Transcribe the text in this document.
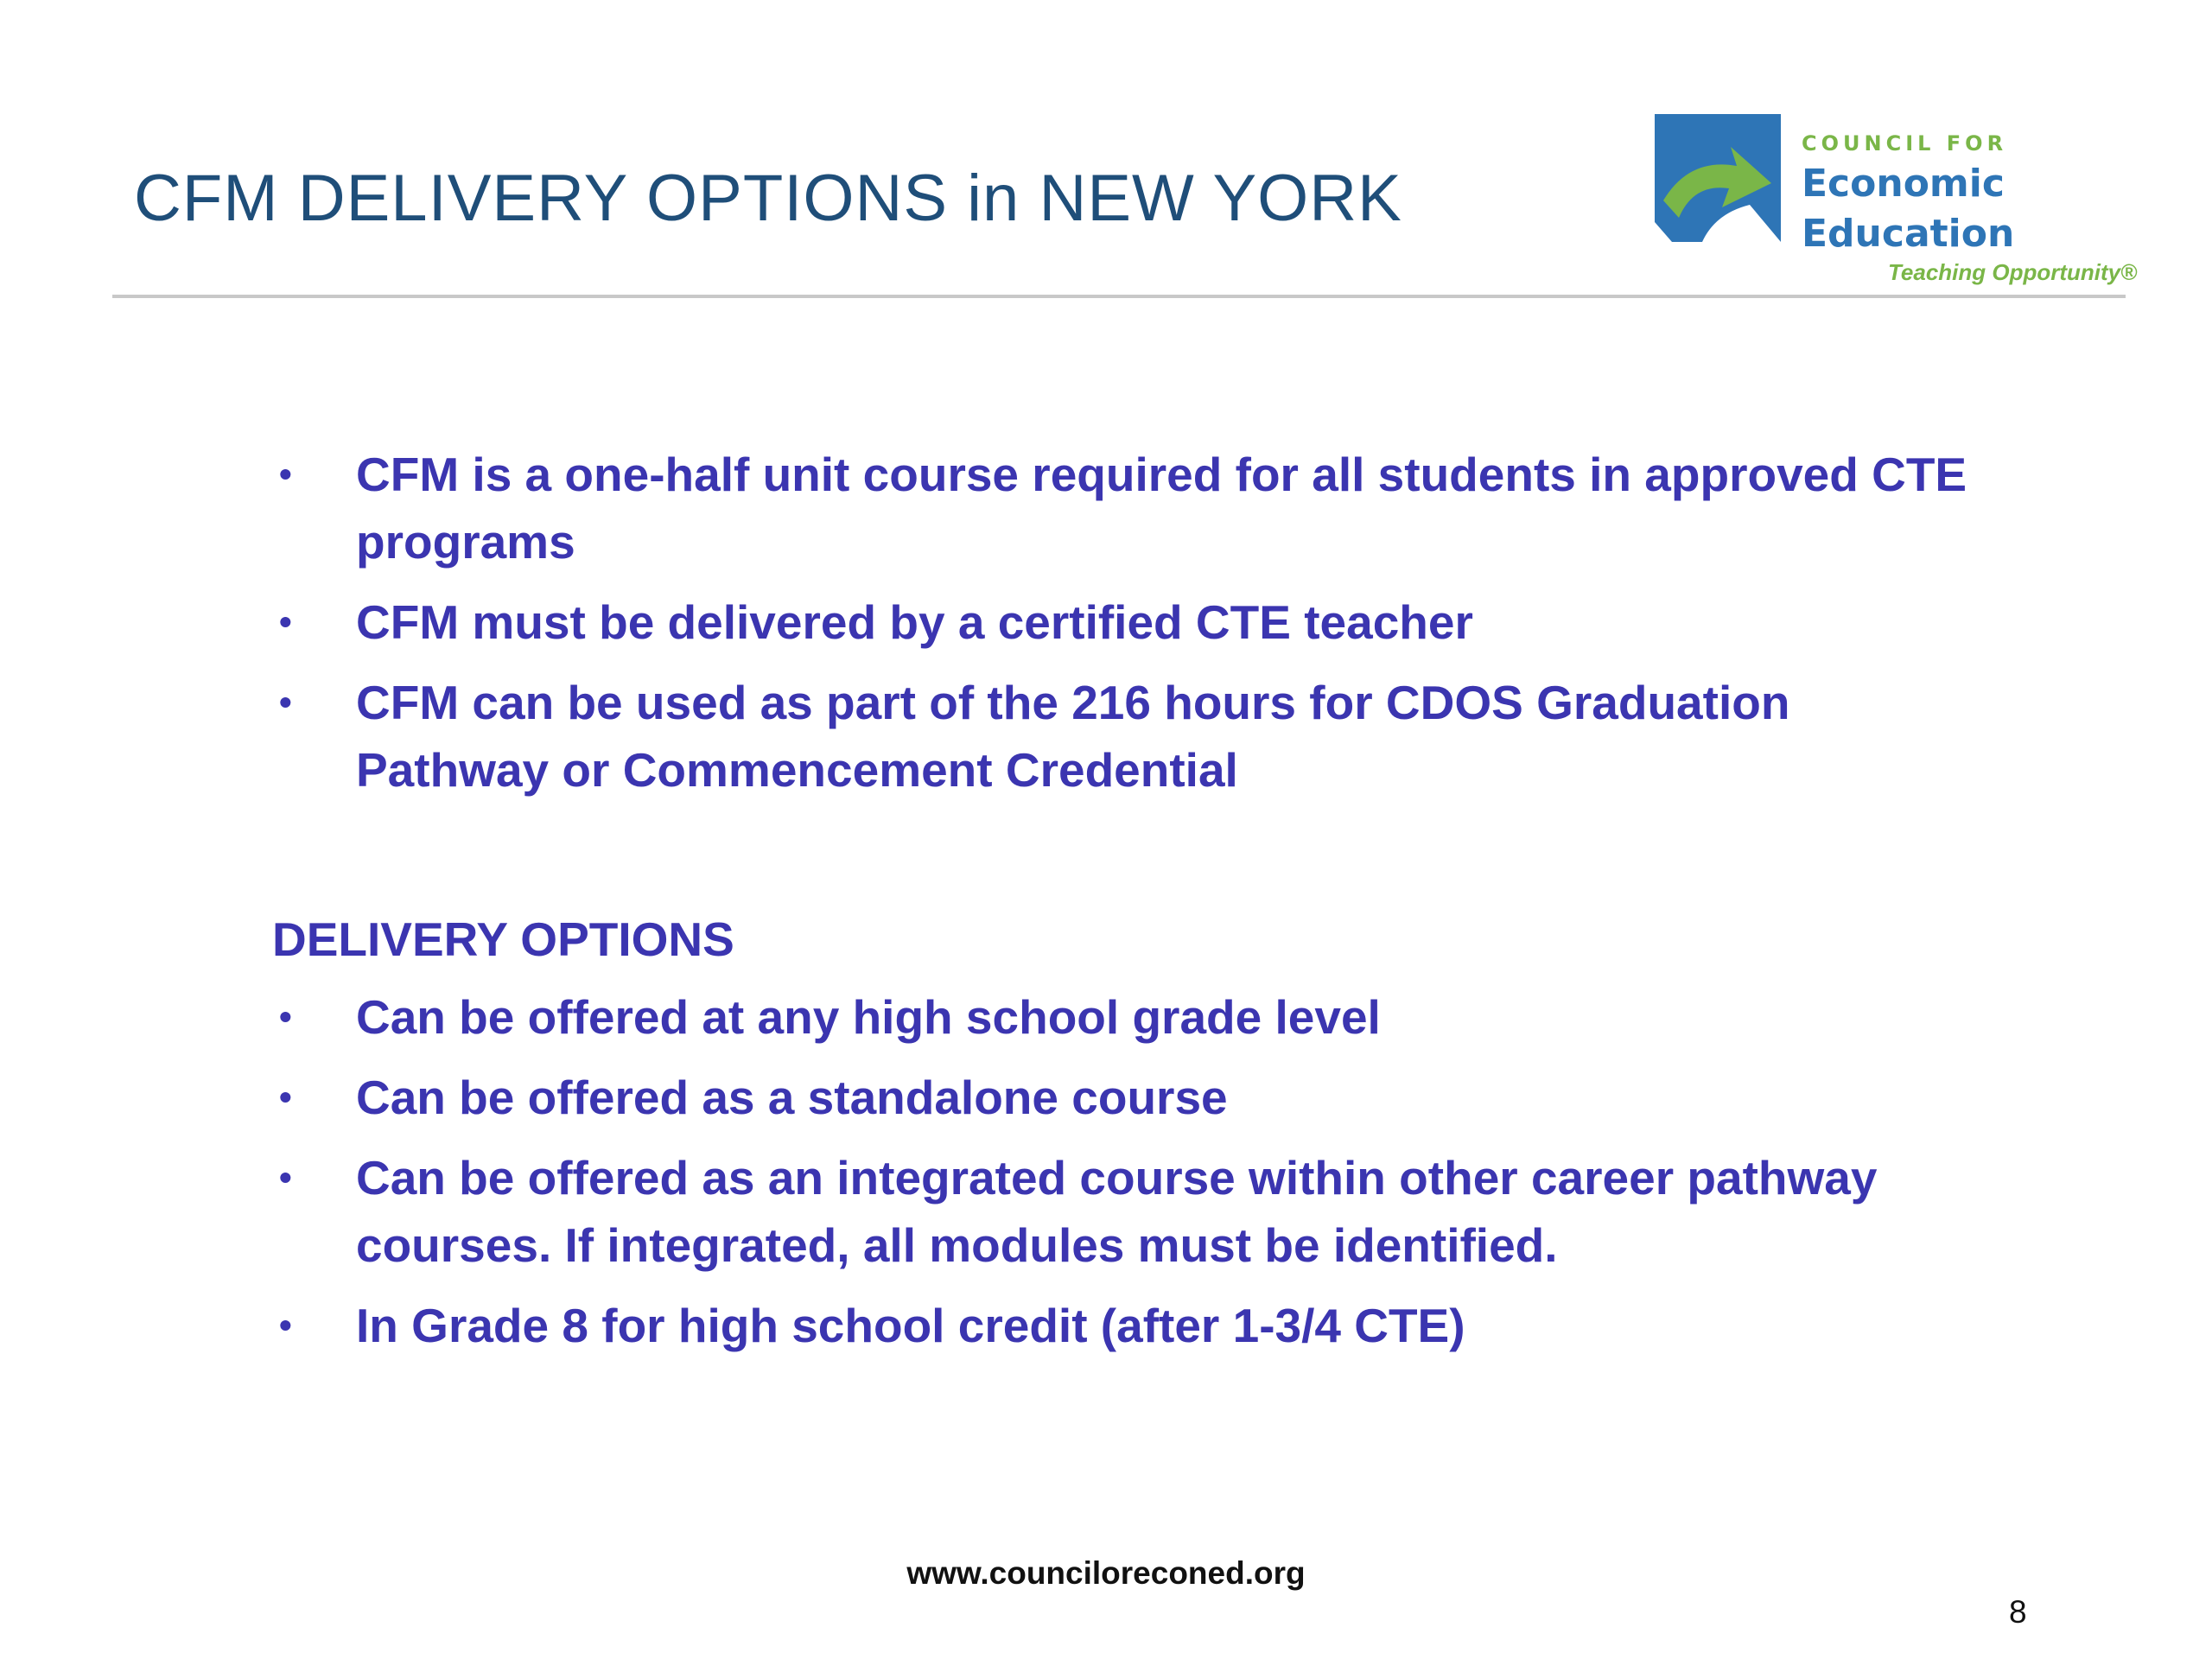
CFM DELIVERY OPTIONS in NEW YORK
COUNCIL FOR
Economic
Education
Teaching Opportunity®
• CFM is a one-half unit course required for all students in approved CTE programs
• CFM must be delivered by a certified CTE teacher
• CFM can be used as part of the 216 hours for CDOS Graduation Pathway or Commencement Credential
DELIVERY OPTIONS
• Can be offered at any high school grade level
• Can be offered as a standalone course
• Can be offered as an integrated course within other career pathway courses. If integrated, all modules must be identified.
• In Grade 8 for high school credit (after 1-3/4 CTE)
www.counciloreconed.org
8
